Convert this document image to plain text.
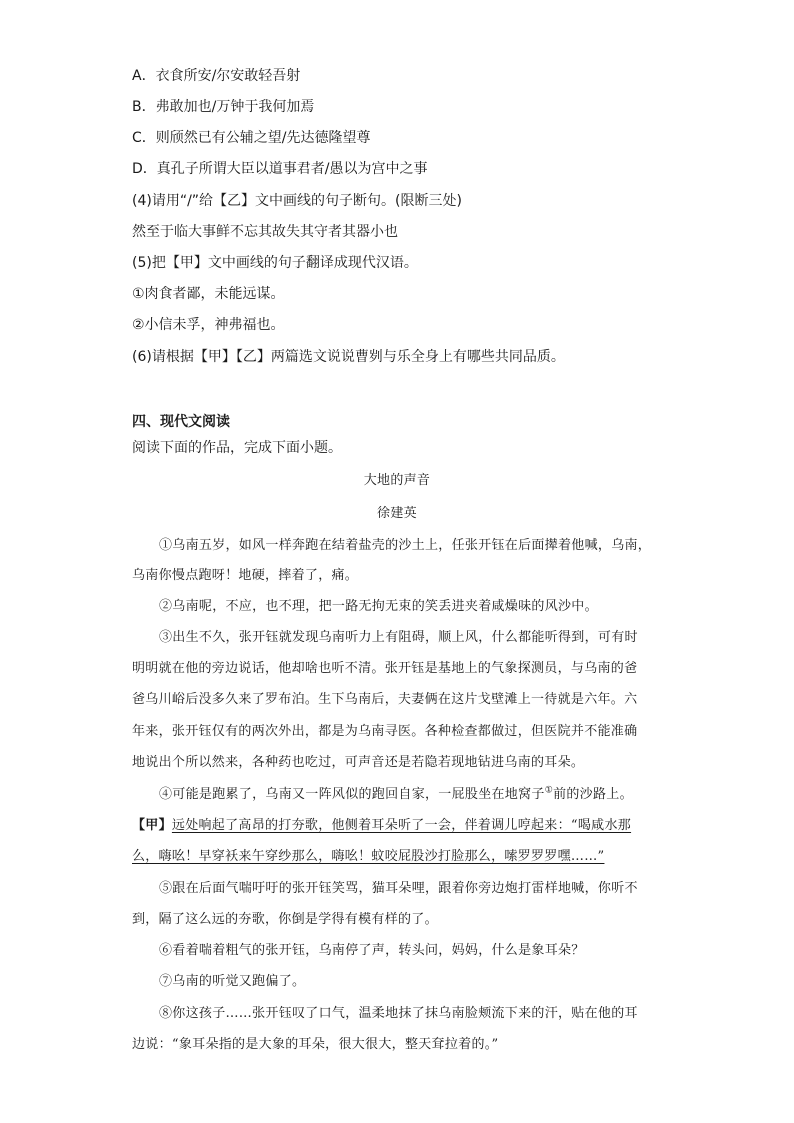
A．衣食所安/尔安敢轻吾射
B．弗敢加也/万钟于我何加焉
C．则颀然已有公辅之望/先达德隆望尊
D．真孔子所谓大臣以道事君者/愚以为宫中之事
(4)请用“/”给【乙】文中画线的句子断句。(限断三处)
然至于临大事鲜不忘其故失其守者其器小也
(5)把【甲】文中画线的句子翻译成现代汉语。
①肉食者鄙，未能远谋。
②小信未孚，神弗福也。
(6)请根据【甲】【乙】两篇选文说说曹刿与乐全身上有哪些共同品质。
四、现代文阅读
阅读下面的作品，完成下面小题。
大地的声音
徐建英
①乌南五岁，如风一样奔跑在结着盐壳的沙土上，任张开钰在后面撵着他喊，乌南，
乌南你慢点跑呀！地硬，摔着了，痛。
②乌南呢，不应，也不理，把一路无拘无束的笑丢进夹着咸燥味的风沙中。
③出生不久，张开钰就发现乌南听力上有阻碍，顺上风，什么都能听得到，可有时
明明就在他的旁边说话，他却啥也听不清。张开钰是基地上的气象探测员，与乌南的爸
爸乌川峪后没多久来了罗布泊。生下乌南后，夫妻俩在这片戈壁滩上一待就是六年。六
年来，张开钰仅有的两次外出，都是为乌南寻医。各种检查都做过，但医院并不能准确
地说出个所以然来，各种药也吃过，可声音还是若隐若现地钻进乌南的耳朵。
④可能是跑累了，乌南又一阵风似的跑回自家，一屁股坐在地窝子①前的沙路上。
【甲】远处响起了高昂的打夯歌，他侧着耳朵听了一会，伴着调儿哼起来：“喝咸水那
么，嗨吆！早穿袄来午穿纱那么，嗨吆！蚊咬屁股沙打脸那么，嗦罗罗罗嘿……”
⑤跟在后面气喘吁吁的张开钰笑骂，猫耳朵哩，跟着你旁边炮打雷样地喊，你听不
到，隔了这么远的夯歌，你倒是学得有模有样的了。
⑥看着喘着粗气的张开钰，乌南停了声，转头问，妈妈，什么是象耳朵？
⑦乌南的听觉又跑偏了。
⑧你这孩子……张开钰叹了口气，温柔地抹了抹乌南脸颊流下来的汗，贴在他的耳
边说：“象耳朵指的是大象的耳朵，很大很大，整天耷拉着的。”
